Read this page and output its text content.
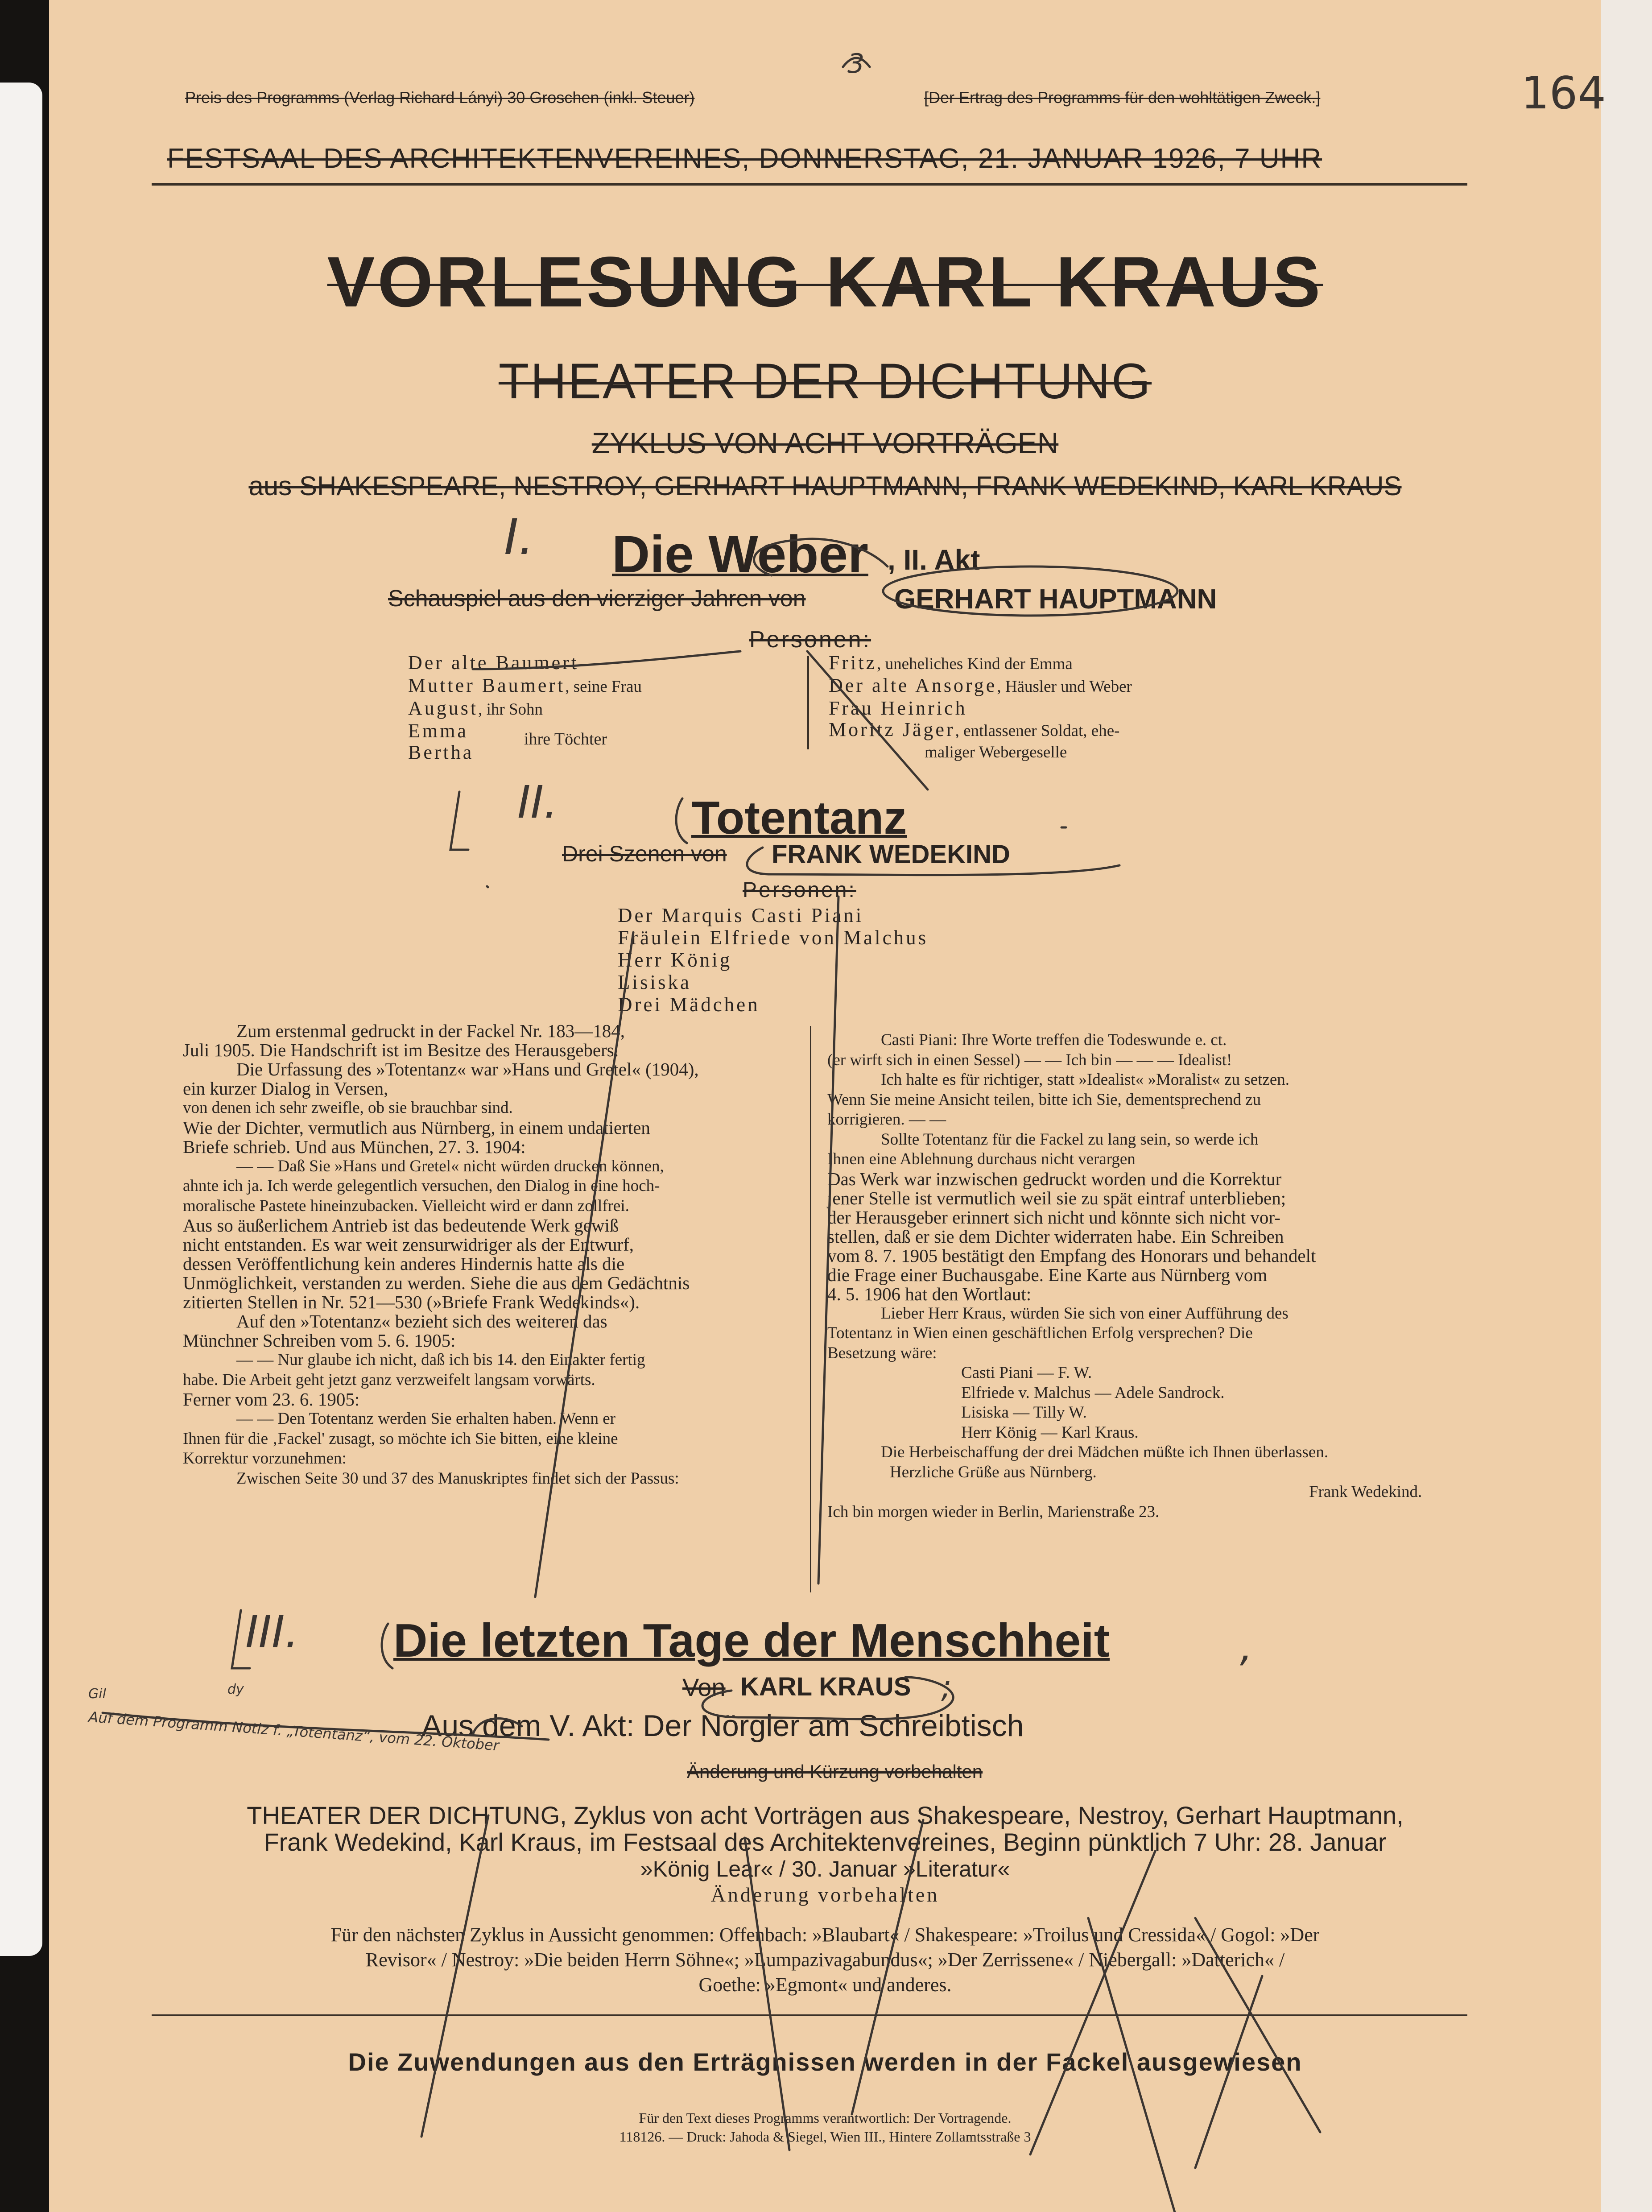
Preis des Programms (Verlag Richard Lányi) 30 Groschen (inkl. Steuer)	[Der Ertrag des Programms für den wohltätigen Zweck.]
3
164
FESTSAAL DES ARCHITEKTENVEREINES, DONNERSTAG, 21. JANUAR 1926, 7 UHR
VORLESUNG KARL KRAUS
THEATER DER DICHTUNG
ZYKLUS VON ACHT VORTRÄGEN
aus SHAKESPEARE, NESTROY, GERHART HAUPTMANN, FRANK WEDEKIND, KARL KRAUS
I. Die Weber , II. Akt
Schauspiel aus den vierziger Jahren von	GERHART HAUPTMANN
Personen:
Der alte Baumert
Mutter Baumert, seine Frau
August, ihr Sohn
Emma
Bertha
ihre Töchter
Fritz, uneheliches Kind der Emma
Der alte Ansorge, Häusler und Weber
Frau Heinrich
Moritz Jäger, entlassener Soldat, ehe-
maliger Webergeselle
II.	Totentanz
Drei Szenen von FRANK WEDEKIND
Personen:
Der Marquis Casti Piani
Fräulein Elfriede von Malchus
Herr König
Lisiska
Drei Mädchen
Zum erstenmal gedruckt in der Fackel Nr. 183—184,
Juli 1905. Die Handschrift ist im Besitze des Herausgebers.
Die Urfassung des »Totentanz« war »Hans und Gretel« (1904),
ein kurzer Dialog in Versen,
von denen ich sehr zweifle, ob sie brauchbar sind.
Wie der Dichter, vermutlich aus Nürnberg, in einem undatierten
Briefe schrieb. Und aus München, 27. 3. 1904:
— — Daß Sie »Hans und Gretel« nicht würden drucken können,
ahnte ich ja. Ich werde gelegentlich versuchen, den Dialog in eine hoch-
moralische Pastete hineinzubacken. Vielleicht wird er dann zollfrei.
Aus so äußerlichem Antrieb ist das bedeutende Werk gewiß
nicht entstanden. Es war weit zensurwidriger als der Entwurf,
dessen Veröffentlichung kein anderes Hindernis hatte als die
Unmöglichkeit, verstanden zu werden. Siehe die aus dem Gedächtnis
zitierten Stellen in Nr. 521—530 (»Briefe Frank Wedekinds«).
Auf den »Totentanz« bezieht sich des weiteren das
Münchner Schreiben vom 5. 6. 1905:
— — Nur glaube ich nicht, daß ich bis 14. den Einakter fertig
habe. Die Arbeit geht jetzt ganz verzweifelt langsam vorwärts.
Ferner vom 23. 6. 1905:
— — Den Totentanz werden Sie erhalten haben. Wenn er
Ihnen für die ‚Fackel' zusagt, so möchte ich Sie bitten, eine kleine
Korrektur vorzunehmen:
Zwischen Seite 30 und 37 des Manuskriptes findet sich der Passus:
Casti Piani: Ihre Worte treffen die Todeswunde e. ct.
(er wirft sich in einen Sessel) — — Ich bin — — — Idealist!
Ich halte es für richtiger, statt »Idealist« »Moralist« zu setzen.
Wenn Sie meine Ansicht teilen, bitte ich Sie, dementsprechend zu
korrigieren. — —
Sollte Totentanz für die Fackel zu lang sein, so werde ich
Ihnen eine Ablehnung durchaus nicht verargen
Das Werk war inzwischen gedruckt worden und die Korrektur
jener Stelle ist vermutlich weil sie zu spät eintraf unterblieben;
der Herausgeber erinnert sich nicht und könnte sich nicht vor-
stellen, daß er sie dem Dichter widerraten habe. Ein Schreiben
vom 8. 7. 1905 bestätigt den Empfang des Honorars und behandelt
die Frage einer Buchausgabe. Eine Karte aus Nürnberg vom
4. 5. 1906 hat den Wortlaut:
Lieber Herr Kraus, würden Sie sich von einer Aufführung des
Totentanz in Wien einen geschäftlichen Erfolg versprechen? Die
Besetzung wäre:
Casti Piani — F. W.
Elfriede v. Malchus — Adele Sandrock.
Lisiska — Tilly W.
Herr König — Karl Kraus.
Die Herbeischaffung der drei Mädchen müßte ich Ihnen überlassen.
Herzliche Grüße aus Nürnberg.
Frank Wedekind.
Ich bin morgen wieder in Berlin, Marienstraße 23.
III. Die letzten Tage der Menschheit	,
Von KARL KRAUS ;
Aus dem V. Akt: Der Nörgler am Schreibtisch
Änderung und Kürzung vorbehalten
Gil	dy
Auf dem Programm Notiz f. „Totentanz“, vom 22. Oktober
THEATER DER DICHTUNG, Zyklus von acht Vorträgen aus Shakespeare, Nestroy, Gerhart Hauptmann,
Frank Wedekind, Karl Kraus, im Festsaal des Architektenvereines, Beginn pünktlich 7 Uhr: 28. Januar
»König Lear« / 30. Januar »Literatur«
Änderung vorbehalten
Für den nächsten Zyklus in Aussicht genommen: Offenbach: »Blaubart« / Shakespeare: »Troilus und Cressida« / Gogol: »Der
Revisor« / Nestroy: »Die beiden Herrn Söhne«; »Lumpazivagabundus«; »Der Zerrissene« / Niebergall: »Datterich« /
Goethe: »Egmont« und anderes.
Die Zuwendungen aus den Erträgnissen werden in der Fackel ausgewiesen
Für den Text dieses Programms verantwortlich: Der Vortragende.
118126. — Druck: Jahoda & Siegel, Wien III., Hintere Zollamtsstraße 3
